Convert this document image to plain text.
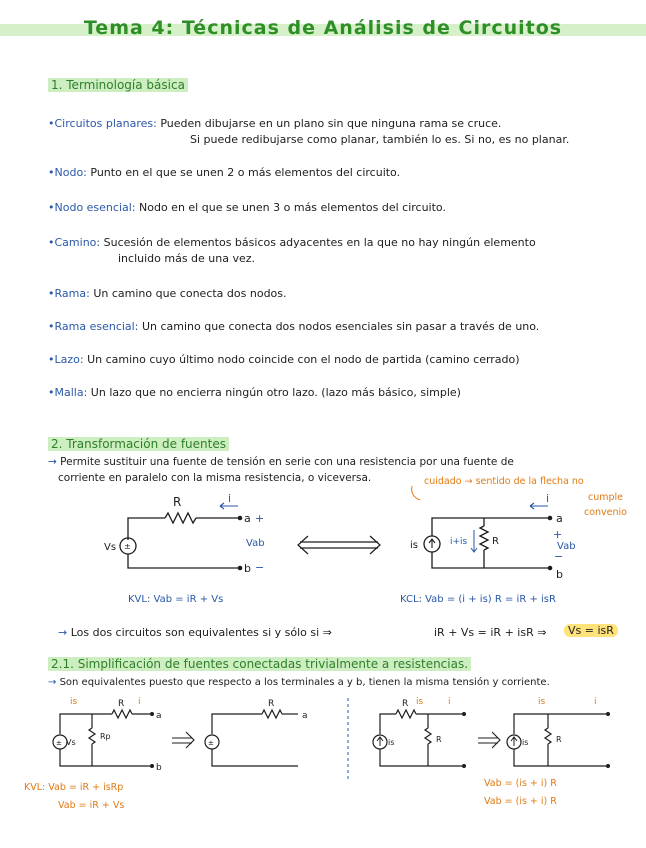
Tema 4: Técnicas de Análisis de Circuitos
1. Terminología básica
•Circuitos planares: Pueden dibujarse en un plano sin que ninguna rama se cruce.
Si puede redibujarse como planar, también lo es. Si no, es no planar.
•Nodo: Punto en el que se unen 2 o más elementos del circuito.
•Nodo esencial: Nodo en el que se unen 3 o más elementos del circuito.
•Camino: Sucesión de elementos básicos adyacentes en la que no hay ningún elemento
incluido más de una vez.
•Rama: Un camino que conecta dos nodos.
•Rama esencial: Un camino que conecta dos nodos esenciales sin pasar a través de uno.
•Lazo: Un camino cuyo último nodo coincide con el nodo de partida (camino cerrado)
•Malla: Un lazo que no encierra ningún otro lazo. (lazo más básico, simple)
2. Transformación de fuentes
→ Permite sustituir una fuente de tensión en serie con una resistencia por una fuente de
corriente en paralelo con la misma resistencia, o viceversa.	cuidado → sentido de la flecha no
cumple
convenio
±
R
a +
b −
i
Vab
Vs	is	i+is R
a
b
+
−
Vab
i
KVL: Vab = iR + Vs	KCL: Vab = (i + is) R = iR + isR
→ Los dos circuitos son equivalentes si y sólo si ⇒	iR + Vs = iR + isR ⇒	Vs = isR
2.1. Simplificación de fuentes conectadas trivialmente a resistencias.
→ Son equivalentes puesto que respecto a los terminales a y b, tienen la misma tensión y corriente.
± Vs
Rp
R
a
b
is	i
±
R
a
is	R
R is	i
is	R
is	i
KVL: Vab = iR + isRp
Vab = iR + Vs
Vab = (is + i) R
Vab = (is + i) R
